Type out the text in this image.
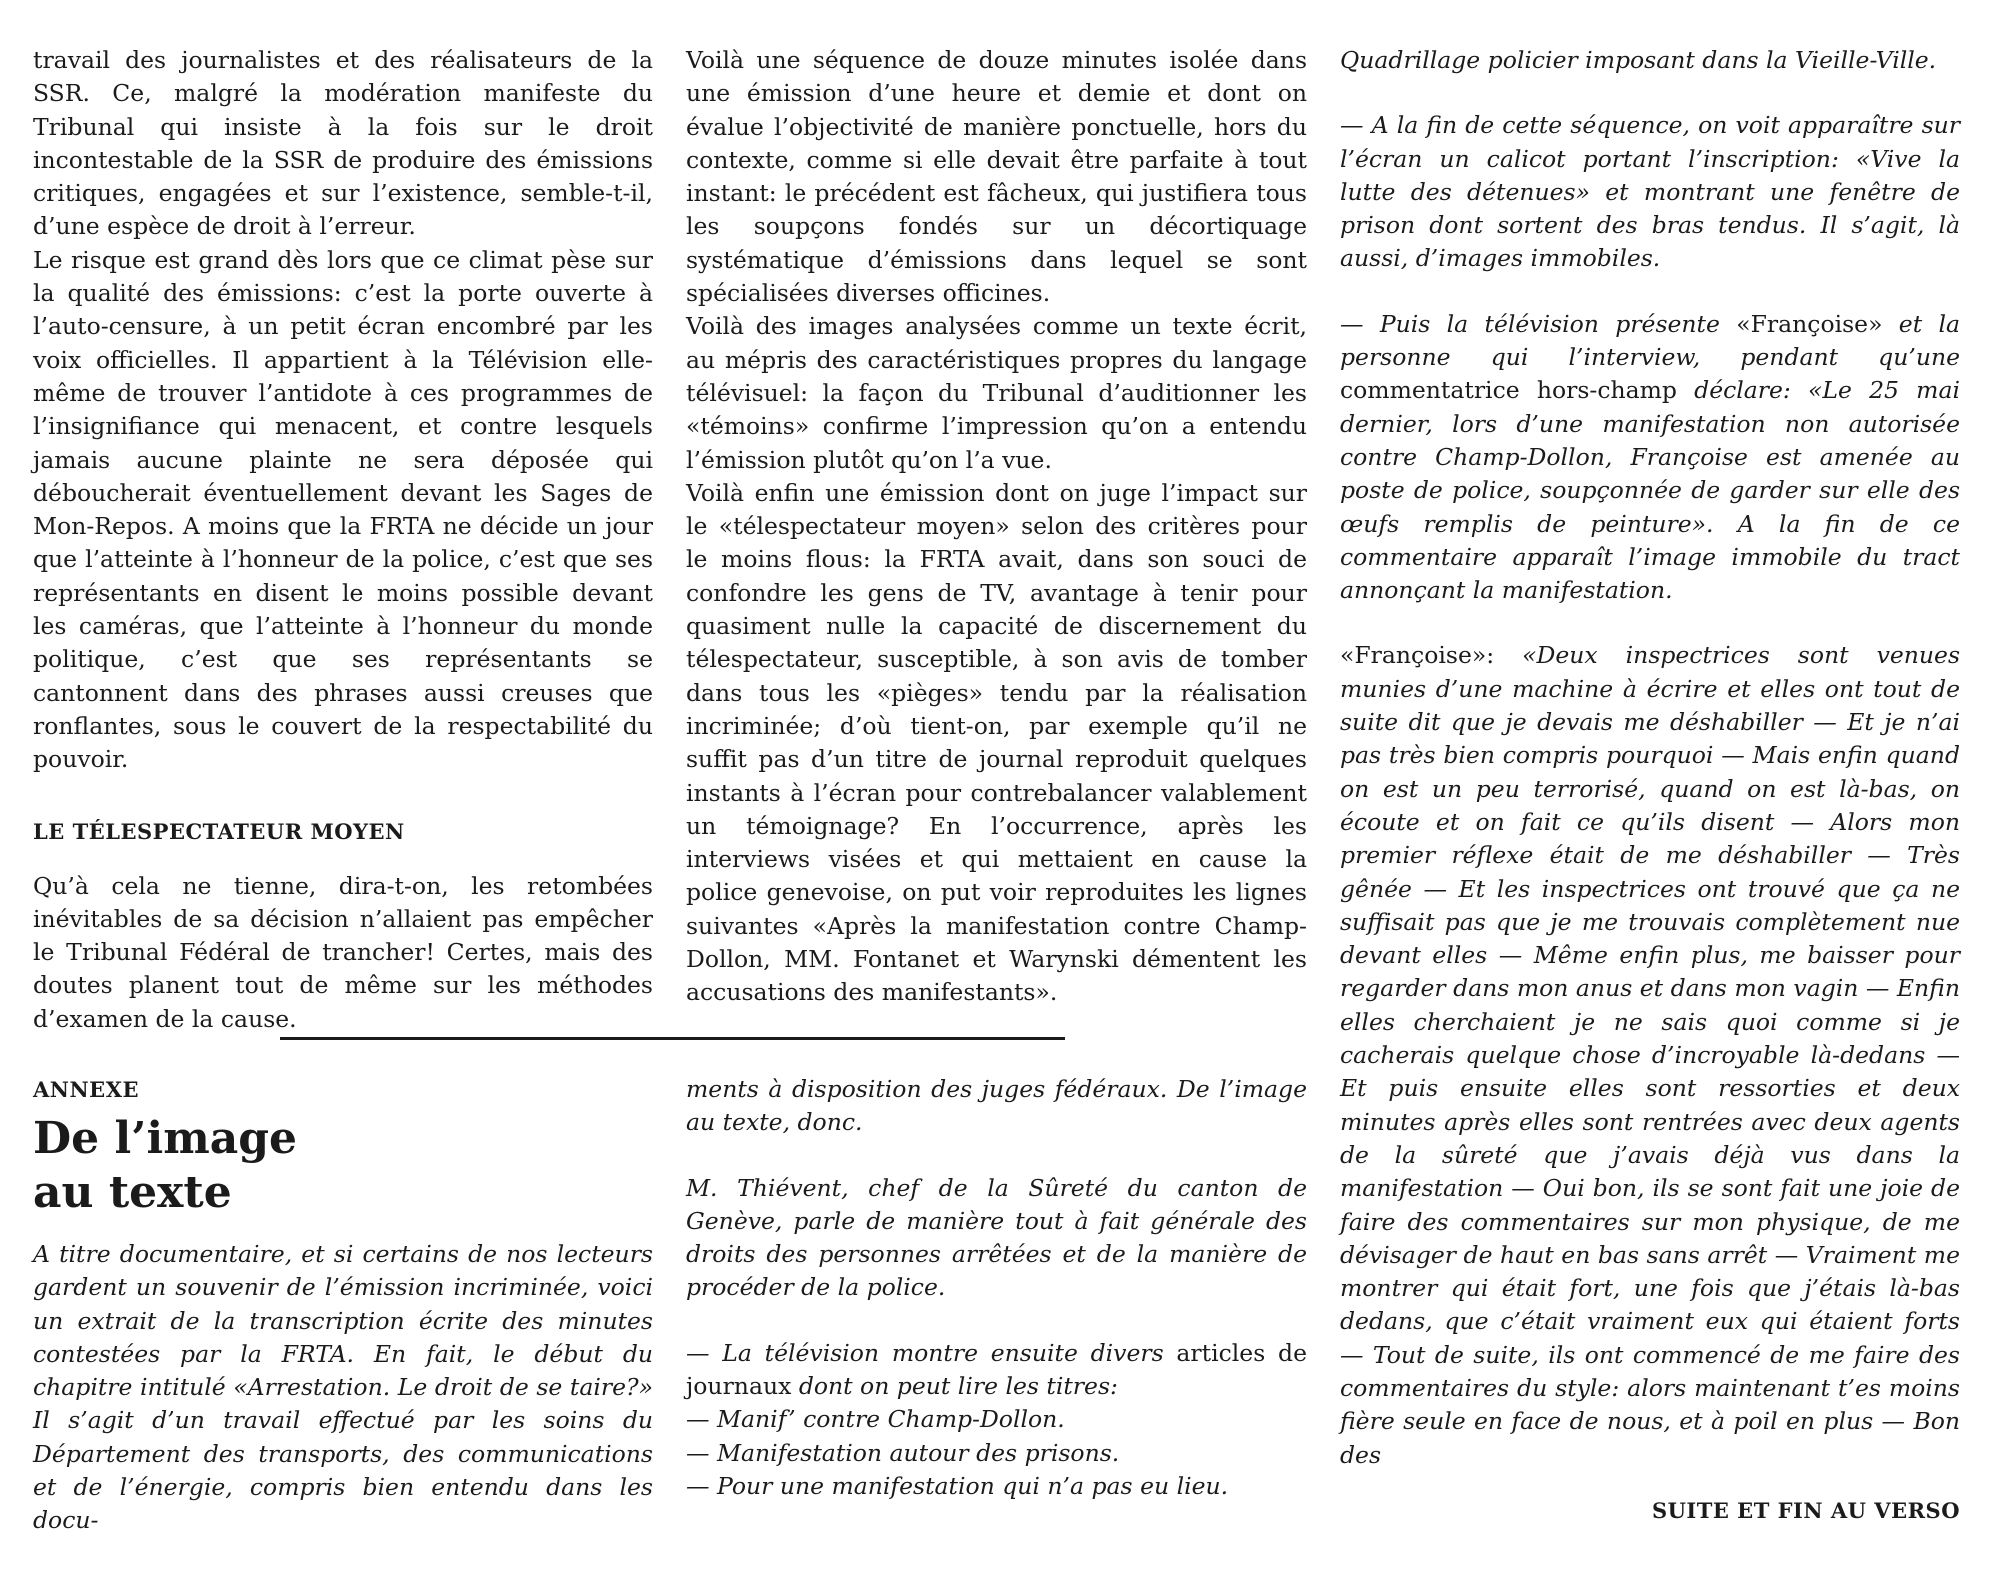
travail des journalistes et des réalisateurs de la SSR. Ce, malgré la modération manifeste du Tribunal qui insiste à la fois sur le droit incontestable de la SSR de produire des émissions critiques, engagées et sur l’existence, semble-t-il, d’une espèce de droit à l’erreur.

Le risque est grand dès lors que ce climat pèse sur la qualité des émissions: c’est la porte ouverte à l’auto-censure, à un petit écran encombré par les voix officielles. Il appartient à la Télévision elle-même de trouver l’antidote à ces programmes de l’insignifiance qui menacent, et contre lesquels jamais aucune plainte ne sera déposée qui déboucherait éventuellement devant les Sages de Mon-Repos. A moins que la FRTA ne décide un jour que l’atteinte à l’honneur de la police, c’est que ses représentants en disent le moins possible devant les caméras, que l’atteinte à l’honneur du monde politique, c’est que ses représentants se cantonnent dans des phrases aussi creuses que ronflantes, sous le couvert de la respectabilité du pouvoir.

LE TÉLESPECTATEUR MOYEN

Qu’à cela ne tienne, dira-t-on, les retombées inévitables de sa décision n’allaient pas empêcher le Tribunal Fédéral de trancher! Certes, mais des doutes planent tout de même sur les méthodes d’examen de la cause.

Voilà une séquence de douze minutes isolée dans une émission d’une heure et demie et dont on évalue l’objectivité de manière ponctuelle, hors du contexte, comme si elle devait être parfaite à tout instant: le précédent est fâcheux, qui justifiera tous les soupçons fondés sur un décortiquage systématique d’émissions dans lequel se sont spécialisées diverses officines.

Voilà des images analysées comme un texte écrit, au mépris des caractéristiques propres du langage télévisuel: la façon du Tribunal d’auditionner les «témoins» confirme l’impression qu’on a entendu l’émission plutôt qu’on l’a vue.

Voilà enfin une émission dont on juge l’impact sur le «télespectateur moyen» selon des critères pour le moins flous: la FRTA avait, dans son souci de confondre les gens de TV, avantage à tenir pour quasiment nulle la capacité de discernement du télespectateur, susceptible, à son avis de tomber dans tous les «pièges» tendu par la réalisation incriminée; d’où tient-on, par exemple qu’il ne suffit pas d’un titre de journal reproduit quelques instants à l’écran pour contrebalancer valablement un témoignage? En l’occurrence, après les interviews visées et qui mettaient en cause la police genevoise, on put voir reproduites les lignes suivantes «Après la manifestation contre Champ-Dollon, MM. Fontanet et Warynski démentent les accusations des manifestants».

ANNEXE

De l’image
au texte

A titre documentaire, et si certains de nos lecteurs gardent un souvenir de l’émission incriminée, voici un extrait de la transcription écrite des minutes contestées par la FRTA. En fait, le début du chapitre intitulé «Arrestation. Le droit de se taire?» Il s’agit d’un travail effectué par les soins du Département des transports, des communications et de l’énergie, compris bien entendu dans les docu-

ments à disposition des juges fédéraux. De l’image au texte, donc.

M. Thiévent, chef de la Sûreté du canton de Genève, parle de manière tout à fait générale des droits des personnes arrêtées et de la manière de procéder de la police.

— La télévision montre ensuite divers articles de journaux dont on peut lire les titres:

— Manif’ contre Champ-Dollon.

— Manifestation autour des prisons.

— Pour une manifestation qui n’a pas eu lieu.

Quadrillage policier imposant dans la Vieille-Ville.

— A la fin de cette séquence, on voit apparaître sur l’écran un calicot portant l’inscription: «Vive la lutte des détenues» et montrant une fenêtre de prison dont sortent des bras tendus. Il s’agit, là aussi, d’images immobiles.

— Puis la télévision présente «Françoise» et la personne qui l’interview, pendant qu’une commentatrice hors-champ déclare: «Le 25 mai dernier, lors d’une manifestation non autorisée contre Champ-Dollon, Françoise est amenée au poste de police, soupçonnée de garder sur elle des œufs remplis de peinture». A la fin de ce commentaire apparaît l’image immobile du tract annonçant la manifestation.

«Françoise»: «Deux inspectrices sont venues munies d’une machine à écrire et elles ont tout de suite dit que je devais me déshabiller — Et je n’ai pas très bien compris pourquoi — Mais enfin quand on est un peu terrorisé, quand on est là-bas, on écoute et on fait ce qu’ils disent — Alors mon premier réflexe était de me déshabiller — Très gênée — Et les inspectrices ont trouvé que ça ne suffisait pas que je me trouvais complètement nue devant elles — Même enfin plus, me baisser pour regarder dans mon anus et dans mon vagin — Enfin elles cherchaient je ne sais quoi comme si je cacherais quelque chose d’incroyable là-dedans — Et puis ensuite elles sont ressorties et deux minutes après elles sont rentrées avec deux agents de la sûreté que j’avais déjà vus dans la manifestation — Oui bon, ils se sont fait une joie de faire des commentaires sur mon physique, de me dévisager de haut en bas sans arrêt — Vraiment me montrer qui était fort, une fois que j’étais là-bas dedans, que c’était vraiment eux qui étaient forts — Tout de suite, ils ont commencé de me faire des commentaires du style: alors maintenant t’es moins fière seule en face de nous, et à poil en plus — Bon des

SUITE ET FIN AU VERSO
